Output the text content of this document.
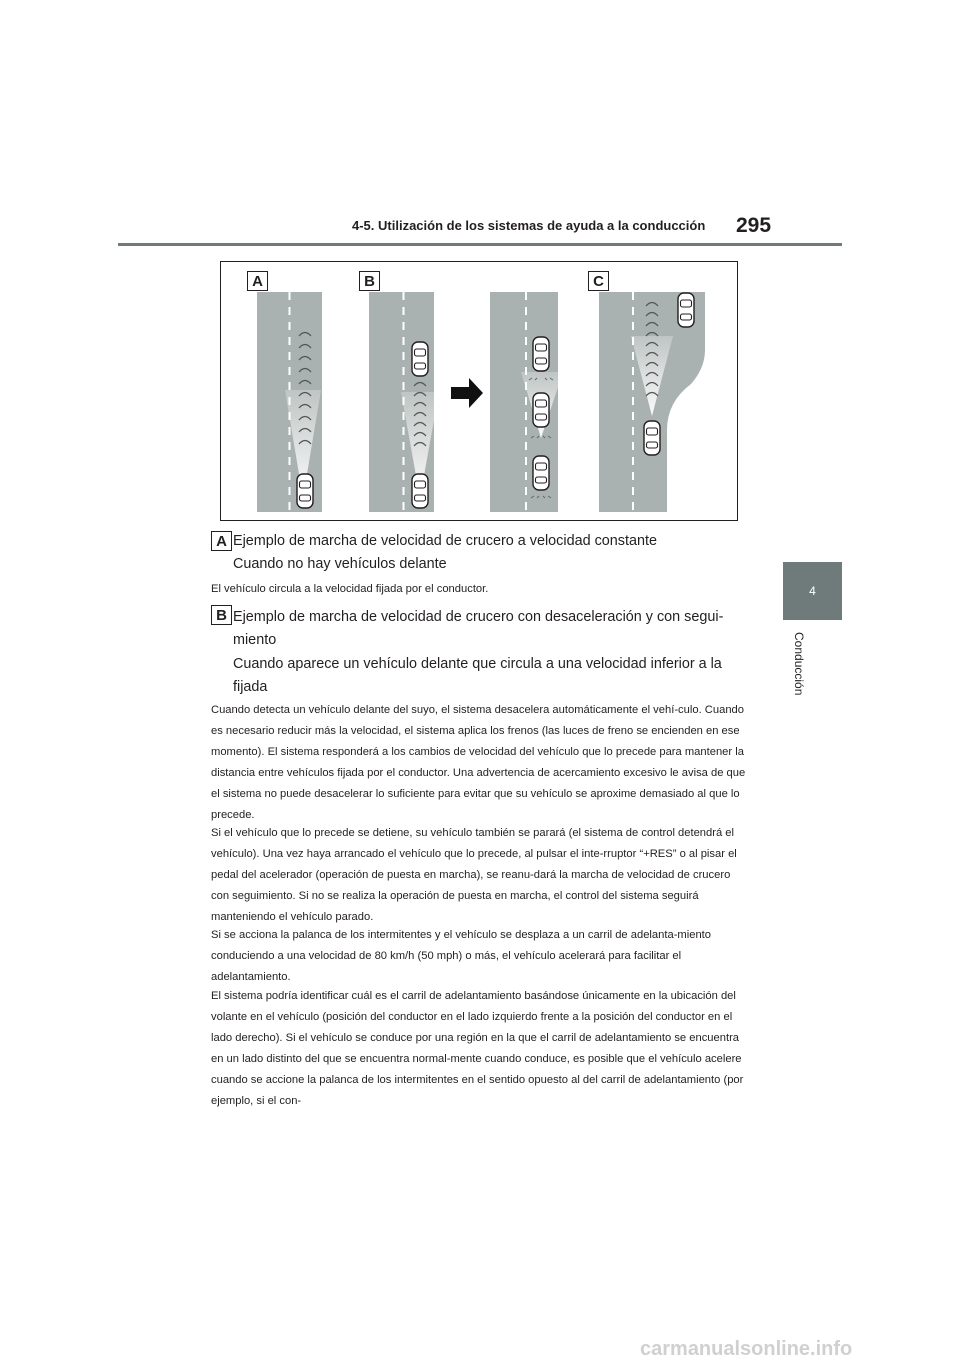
4-5. Utilización de los sistemas de ayuda a la conducción 295
4
Conducción
A	B	C
A Ejemplo de marcha de velocidad de crucero a velocidad constante
Cuando no hay vehículos delante

El vehículo circula a la velocidad fijada por el conductor.

B Ejemplo de marcha de velocidad de crucero con desaceleración y con segui-
miento
Cuando aparece un vehículo delante que circula a una velocidad inferior a la
fijada

Cuando detecta un vehículo delante del suyo, el sistema desacelera automáticamente el vehí-culo. Cuando es necesario reducir más la velocidad, el sistema aplica los frenos (las luces de freno se encienden en ese momento). El sistema responderá a los cambios de velocidad del vehículo que lo precede para mantener la distancia entre vehículos fijada por el conductor. Una advertencia de acercamiento excesivo le avisa de que el sistema no puede desacelerar lo suficiente para evitar que su vehículo se aproxime demasiado al que lo precede.

Si el vehículo que lo precede se detiene, su vehículo también se parará (el sistema de control detendrá el vehículo). Una vez haya arrancado el vehículo que lo precede, al pulsar el inte-rruptor “+RES” o al pisar el pedal del acelerador (operación de puesta en marcha), se reanu-dará la marcha de velocidad de crucero con seguimiento. Si no se realiza la operación de puesta en marcha, el control del sistema seguirá manteniendo el vehículo parado.

Si se acciona la palanca de los intermitentes y el vehículo se desplaza a un carril de adelanta-miento conduciendo a una velocidad de 80 km/h (50 mph) o más, el vehículo acelerará para facilitar el adelantamiento.

El sistema podría identificar cuál es el carril de adelantamiento basándose únicamente en la ubicación del volante en el vehículo (posición del conductor en el lado izquierdo frente a la posición del conductor en el lado derecho). Si el vehículo se conduce por una región en la que el carril de adelantamiento se encuentra en un lado distinto del que se encuentra normal-mente cuando conduce, es posible que el vehículo acelere cuando se accione la palanca de los intermitentes en el sentido opuesto al del carril de adelantamiento (por ejemplo, si el con-

carmanualsonline.info
